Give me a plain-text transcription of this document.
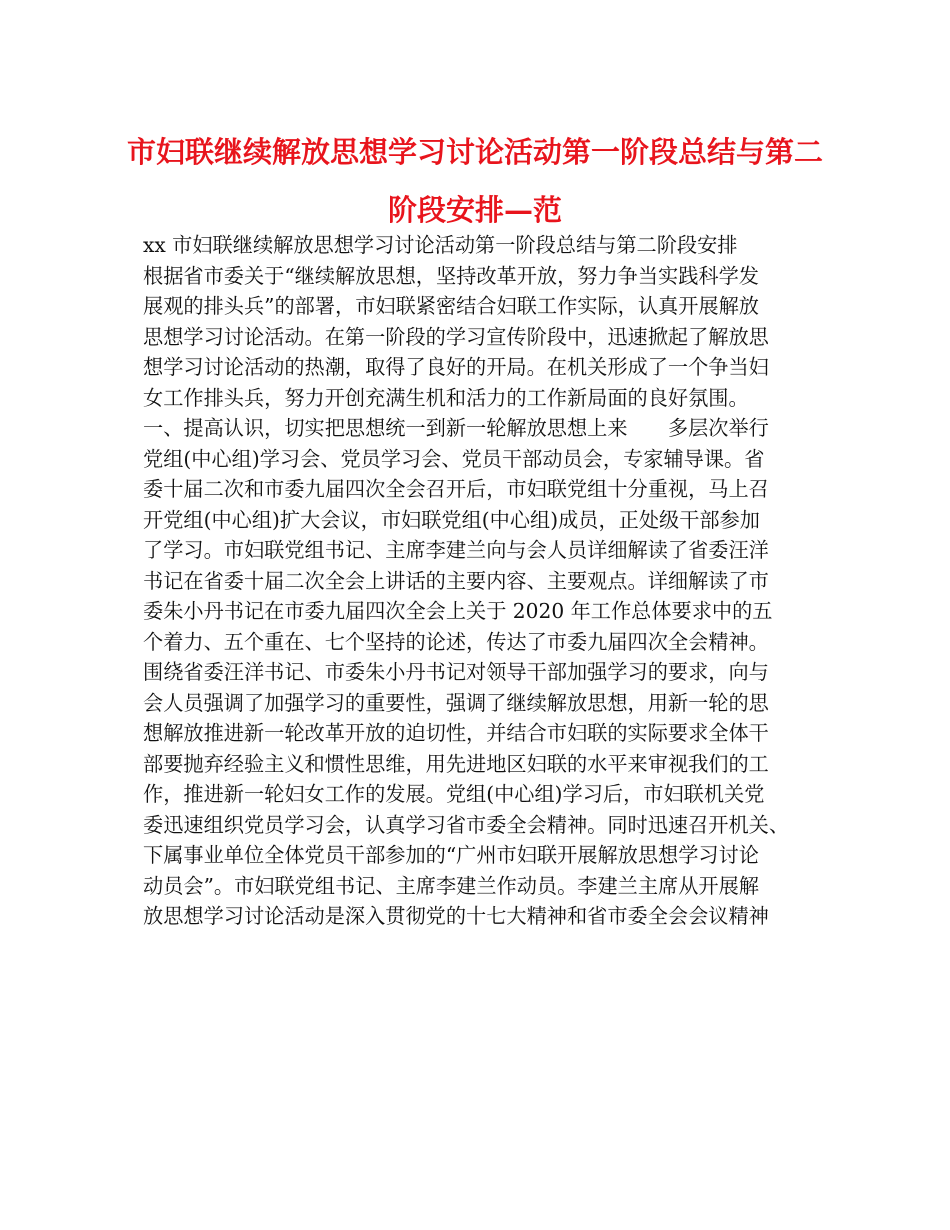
市妇联继续解放思想学习讨论活动第一阶段总结与第二
阶段安排—范
xx 市妇联继续解放思想学习讨论活动第一阶段总结与第二阶段安排
根据省市委关于“继续解放思想，坚持改革开放，努力争当实践科学发
展观的排头兵”的部署，市妇联紧密结合妇联工作实际，认真开展解放
思想学习讨论活动。在第一阶段的学习宣传阶段中，迅速掀起了解放思
想学习讨论活动的热潮，取得了良好的开局。在机关形成了一个争当妇
女工作排头兵，努力开创充满生机和活力的工作新局面的良好氛围。
一、提高认识，切实把思想统一到新一轮解放思想上来　　多层次举行
党组(中心组)学习会、党员学习会、党员干部动员会，专家辅导课。省
委十届二次和市委九届四次全会召开后，市妇联党组十分重视，马上召
开党组(中心组)扩大会议，市妇联党组(中心组)成员，正处级干部参加
了学习。市妇联党组书记、主席李建兰向与会人员详细解读了省委汪洋
书记在省委十届二次全会上讲话的主要内容、主要观点。详细解读了市
委朱小丹书记在市委九届四次全会上关于 2020 年工作总体要求中的五
个着力、五个重在、七个坚持的论述，传达了市委九届四次全会精神。
围绕省委汪洋书记、市委朱小丹书记对领导干部加强学习的要求，向与
会人员强调了加强学习的重要性，强调了继续解放思想，用新一轮的思
想解放推进新一轮改革开放的迫切性，并结合市妇联的实际要求全体干
部要抛弃经验主义和惯性思维，用先进地区妇联的水平来审视我们的工
作，推进新一轮妇女工作的发展。党组(中心组)学习后，市妇联机关党
委迅速组织党员学习会，认真学习省市委全会精神。同时迅速召开机关、
下属事业单位全体党员干部参加的“广州市妇联开展解放思想学习讨论
动员会”。市妇联党组书记、主席李建兰作动员。李建兰主席从开展解
放思想学习讨论活动是深入贯彻党的十七大精神和省市委全会会议精神
